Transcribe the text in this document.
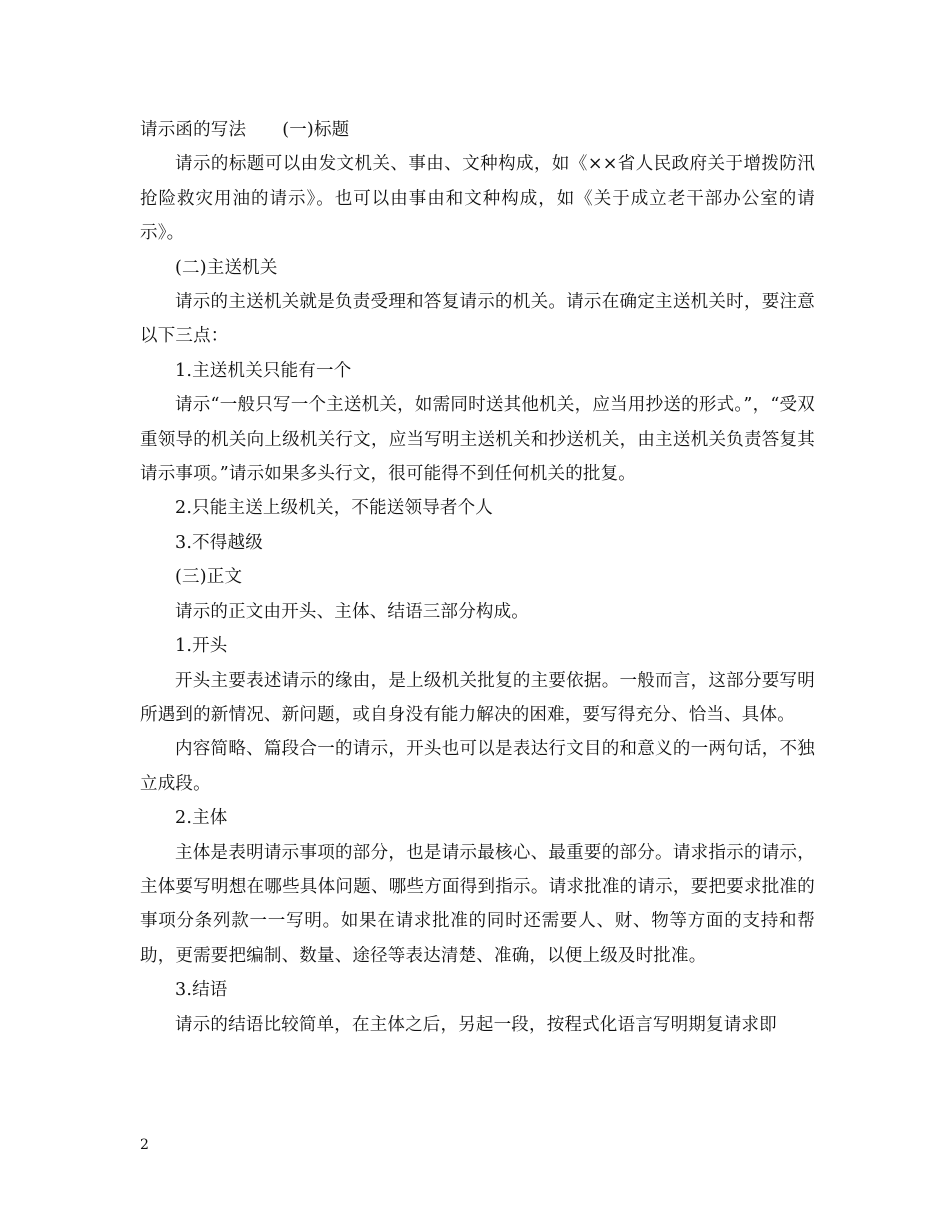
请示函的写法 (一)标题

请示的标题可以由发文机关、事由、文种构成，如《××省人民政府关于增拨防汛抢险救灾用油的请示》。也可以由事由和文种构成，如《关于成立老干部办公室的请示》。

(二)主送机关

请示的主送机关就是负责受理和答复请示的机关。请示在确定主送机关时，要注意以下三点：

1.主送机关只能有一个

请示“一般只写一个主送机关，如需同时送其他机关，应当用抄送的形式。”，“受双重领导的机关向上级机关行文，应当写明主送机关和抄送机关，由主送机关负责答复其请示事项。”请示如果多头行文，很可能得不到任何机关的批复。

2.只能主送上级机关，不能送领导者个人

3.不得越级

(三)正文

请示的正文由开头、主体、结语三部分构成。

1.开头

开头主要表述请示的缘由，是上级机关批复的主要依据。一般而言，这部分要写明所遇到的新情况、新问题，或自身没有能力解决的困难，要写得充分、恰当、具体。

内容简略、篇段合一的请示，开头也可以是表达行文目的和意义的一两句话，不独立成段。

2.主体

主体是表明请示事项的部分，也是请示最核心、最重要的部分。请求指示的请示，主体要写明想在哪些具体问题、哪些方面得到指示。请求批准的请示，要把要求批准的事项分条列款一一写明。如果在请求批准的同时还需要人、财、物等方面的支持和帮助，更需要把编制、数量、途径等表达清楚、准确，以便上级及时批准。

3.结语

请示的结语比较简单，在主体之后，另起一段，按程式化语言写明期复请求即

2
